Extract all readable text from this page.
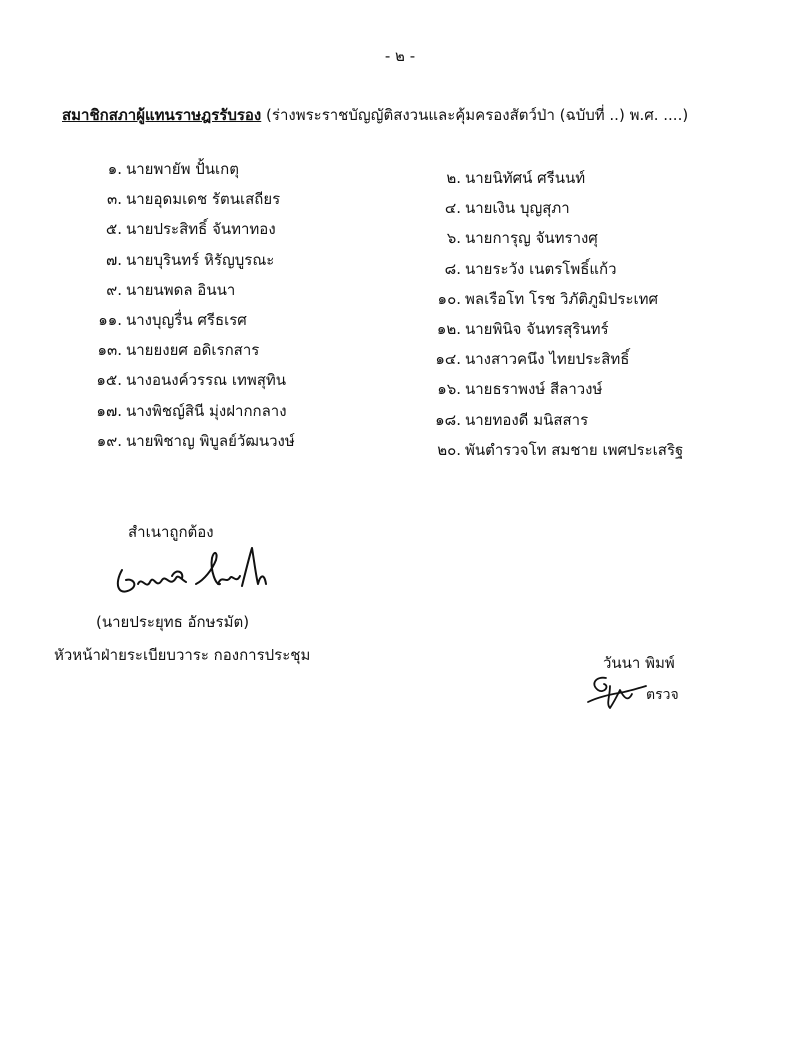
- ๒ -
สมาชิกสภาผู้แทนราษฎรรับรอง (ร่างพระราชบัญญัติสงวนและคุ้มครองสัตว์ป่า (ฉบับที่ ..) พ.ศ. ....)
๑. นายพายัพ ปั้นเกตุ
๓. นายอุดมเดช รัตนเสถียร
๕. นายประสิทธิ์ จันทาทอง
๗. นายบุรินทร์ หิรัญบูรณะ
๙. นายนพดล อินนา
๑๑. นางบุญรื่น ศรีธเรศ
๑๓. นายยงยศ อดิเรกสาร
๑๕. นางอนงค์วรรณ เทพสุทิน
๑๗. นางพิชญ์สินี มุ่งฝากกลาง
๑๙. นายพิชาญ พิบูลย์วัฒนวงษ์
๒. นายนิทัศน์ ศรีนนท์
๔. นายเงิน บุญสุภา
๖. นายการุญ จันทรางศุ
๘. นายระวัง เนตรโพธิ์แก้ว
๑๐. พลเรือโท โรช วิภัติภูมิประเทศ
๑๒. นายพินิจ จันทรสุรินทร์
๑๔. นางสาวคนึง ไทยประสิทธิ์
๑๖. นายธราพงษ์ สีลาวงษ์
๑๘. นายทองดี มนิสสาร
๒๐. พันตำรวจโท สมชาย เพศประเสริฐ
สำเนาถูกต้อง
(นายประยุทธ อักษรมัต)
หัวหน้าฝ่ายระเบียบวาระ กองการประชุม	วันนา พิมพ์
ตรวจ
